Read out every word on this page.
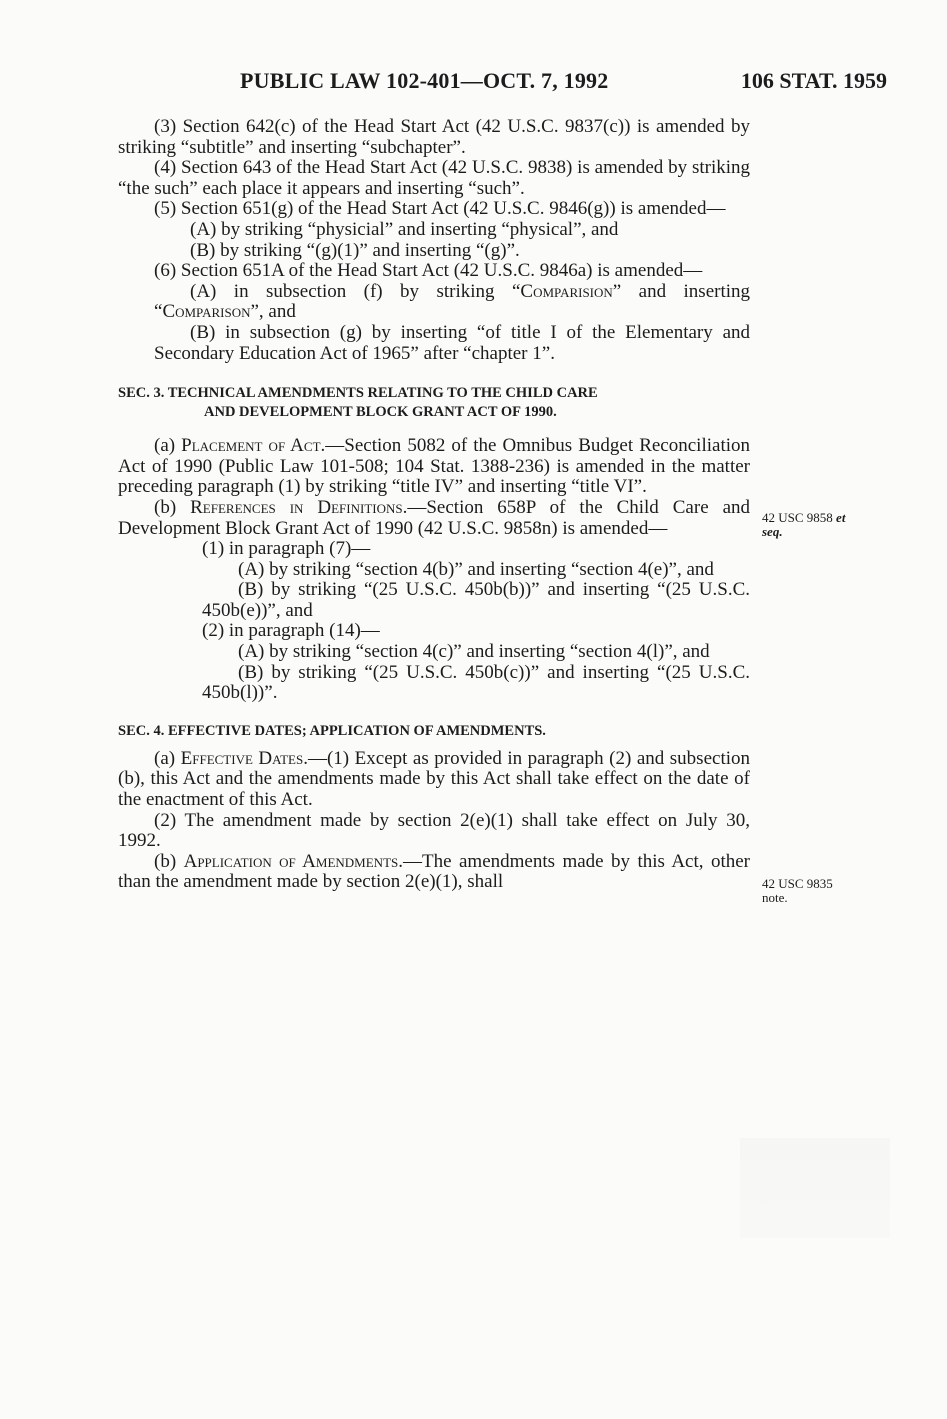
PUBLIC LAW 102-401—OCT. 7, 1992	106 STAT. 1959

(3) Section 642(c) of the Head Start Act (42 U.S.C. 9837(c)) is amended by striking “subtitle” and inserting “subchapter”.

(4) Section 643 of the Head Start Act (42 U.S.C. 9838) is amended by striking “the such” each place it appears and inserting “such”.

(5) Section 651(g) of the Head Start Act (42 U.S.C. 9846(g)) is amended—

(A) by striking “physicial” and inserting “physical”, and

(B) by striking “(g)(1)” and inserting “(g)”.

(6) Section 651A of the Head Start Act (42 U.S.C. 9846a) is amended—

(A) in subsection (f) by striking “Comparision” and inserting “Comparison”, and

(B) in subsection (g) by inserting “of title I of the Elementary and Secondary Education Act of 1965” after “chapter 1”.

SEC. 3. TECHNICAL AMENDMENTS RELATING TO THE CHILD CARE
AND DEVELOPMENT BLOCK GRANT ACT OF 1990.

(a) Placement of Act.—Section 5082 of the Omnibus Budget Reconciliation Act of 1990 (Public Law 101-508; 104 Stat. 1388-236) is amended in the matter preceding paragraph (1) by striking “title IV” and inserting “title VI”.

(b) References in Definitions.—Section 658P of the Child Care and Development Block Grant Act of 1990 (42 U.S.C. 9858n) is amended—

(1) in paragraph (7)—

(A) by striking “section 4(b)” and inserting “section 4(e)”, and

(B) by striking “(25 U.S.C. 450b(b))” and inserting “(25 U.S.C. 450b(e))”, and

(2) in paragraph (14)—

(A) by striking “section 4(c)” and inserting “section 4(l)”, and

(B) by striking “(25 U.S.C. 450b(c))” and inserting “(25 U.S.C. 450b(l))”.

SEC. 4. EFFECTIVE DATES; APPLICATION OF AMENDMENTS.

(a) Effective Dates.—(1) Except as provided in paragraph (2) and subsection (b), this Act and the amendments made by this Act shall take effect on the date of the enactment of this Act.

(2) The amendment made by section 2(e)(1) shall take effect on July 30, 1992.

(b) Application of Amendments.—The amendments made by this Act, other than the amendment made by section 2(e)(1), shall

42 USC 9858 et
seq.
42 USC 9835
note.
